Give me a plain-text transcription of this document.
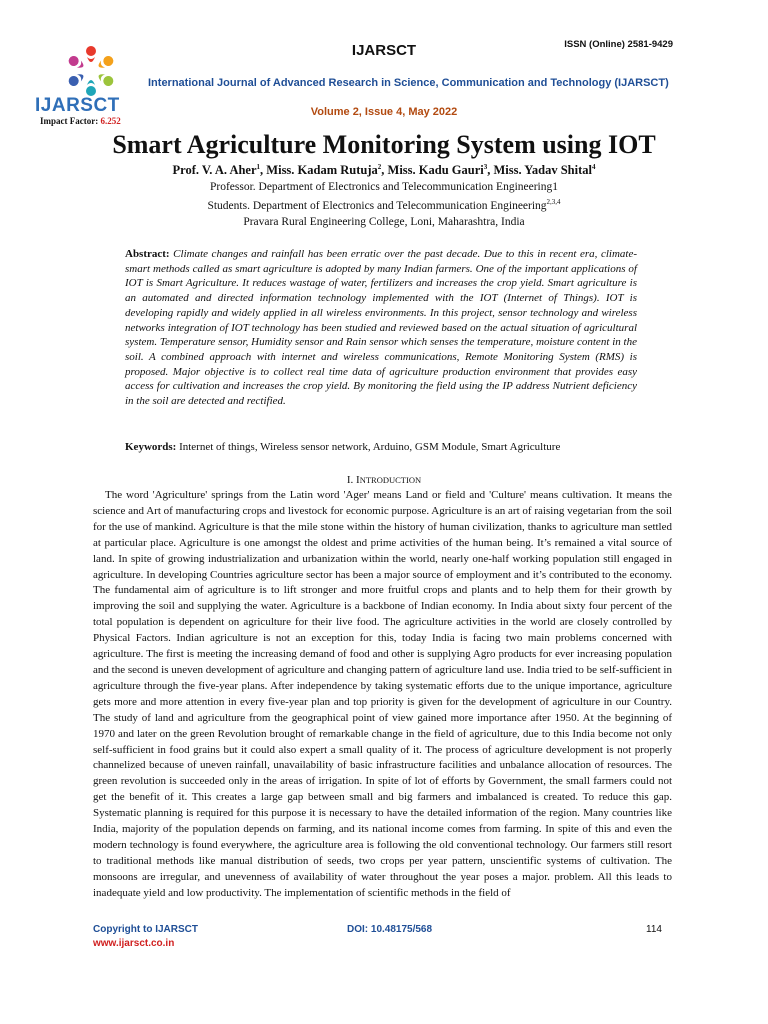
IJARSCT
Impact Factor: 6.252
IJARSCT	ISSN (Online) 2581-9429
International Journal of Advanced Research in Science, Communication and Technology (IJARSCT)
Volume 2, Issue 4, May 2022
Smart Agriculture Monitoring System using IOT
Prof. V. A. Aher$^1$, Miss. Kadam Rutuja$^2$, Miss. Kadu Gauri$^3$, Miss. Yadav Shital$^4$
Professor. Department of Electronics and Telecommunication Engineering1
Students. Department of Electronics and Telecommunication Engineering$^{2,3,4}$
Pravara Rural Engineering College, Loni, Maharashtra, India
Abstract: Climate changes and rainfall has been erratic over the past decade. Due to this in recent era, climate-smart methods called as smart agriculture is adopted by many Indian farmers. One of the important applications of IOT is Smart Agriculture. It reduces wastage of water, fertilizers and increases the crop yield. Smart agriculture is an automated and directed information technology implemented with the IOT (Internet of Things). IOT is developing rapidly and widely applied in all wireless environments. In this project, sensor technology and wireless networks integration of IOT technology has been studied and reviewed based on the actual situation of agricultural system. Temperature sensor, Humidity sensor and Rain sensor which senses the temperature, moisture content in the soil. A combined approach with internet and wireless communications, Remote Monitoring System (RMS) is proposed. Major objective is to collect real time data of agriculture production environment that provides easy access for cultivation and increases the crop yield. By monitoring the field using the IP address Nutrient deficiency in the soil are detected and rectified.
Keywords: Internet of things, Wireless sensor network, Arduino, GSM Module, Smart Agriculture
I. INTRODUCTION

The word 'Agriculture' springs from the Latin word 'Ager' means Land or field and 'Culture' means cultivation. It means the science and Art of manufacturing crops and livestock for economic purpose. Agriculture is an art of raising vegetarian from the soil for the use of mankind. Agriculture is that the mile stone within the history of human civilization, thanks to agriculture man settled at particular place. Agriculture is one amongst the oldest and prime activities of the human being. It’s remained a vital source of land. In spite of growing industrialization and urbanization within the world, nearly one-half working population still engaged in agriculture. In developing Countries agriculture sector has been a major source of employment and it’s contributed to the economy. The fundamental aim of agriculture is to lift stronger and more fruitful crops and plants and to help them for their growth by improving the soil and supplying the water. Agriculture is a backbone of Indian economy. In India about sixty four percent of the total population is dependent on agriculture for their live food. The agriculture activities in the world are closely controlled by Physical Factors. Indian agriculture is not an exception for this, today India is facing two main problems concerned with agriculture. The first is meeting the increasing demand of food and other is supplying Agro products for ever increasing population and the second is uneven development of agriculture and changing pattern of agriculture land use. India tried to be self-sufficient in agriculture through the five-year plans. After independence by taking systematic efforts due to the unique importance, agriculture gets more and more attention in every five-year plan and top priority is given for the development of agriculture in our Country. The study of land and agriculture from the geographical point of view gained more importance after 1950. At the beginning of 1970 and later on the green Revolution brought of remarkable change in the field of agriculture, due to this India become not only self-sufficient in food grains but it could also expert a small quality of it. The process of agriculture development is not properly channelized because of uneven rainfall, unavailability of basic infrastructure facilities and unbalance allocation of resources. The green revolution is succeeded only in the areas of irrigation. In spite of lot of efforts by Government, the small farmers could not get the benefit of it. This creates a large gap between small and big farmers and imbalanced is created. To reduce this gap. Systematic planning is required for this purpose it is necessary to have the detailed information of the region. Many countries like India, majority of the population depends on farming, and its national income comes from farming. In spite of this and even the modern technology is found everywhere, the agriculture area is following the old conventional technology. Our farmers still resort to traditional methods like manual distribution of seeds, two crops per year pattern, unscientific systems of cultivation. The monsoons are irregular, and unevenness of availability of water throughout the year poses a major. problem. All this leads to inadequate yield and low productivity. The implementation of scientific methods in the field of

Copyright to IJARSCT	DOI: 10.48175/568	114
www.ijarsct.co.in
